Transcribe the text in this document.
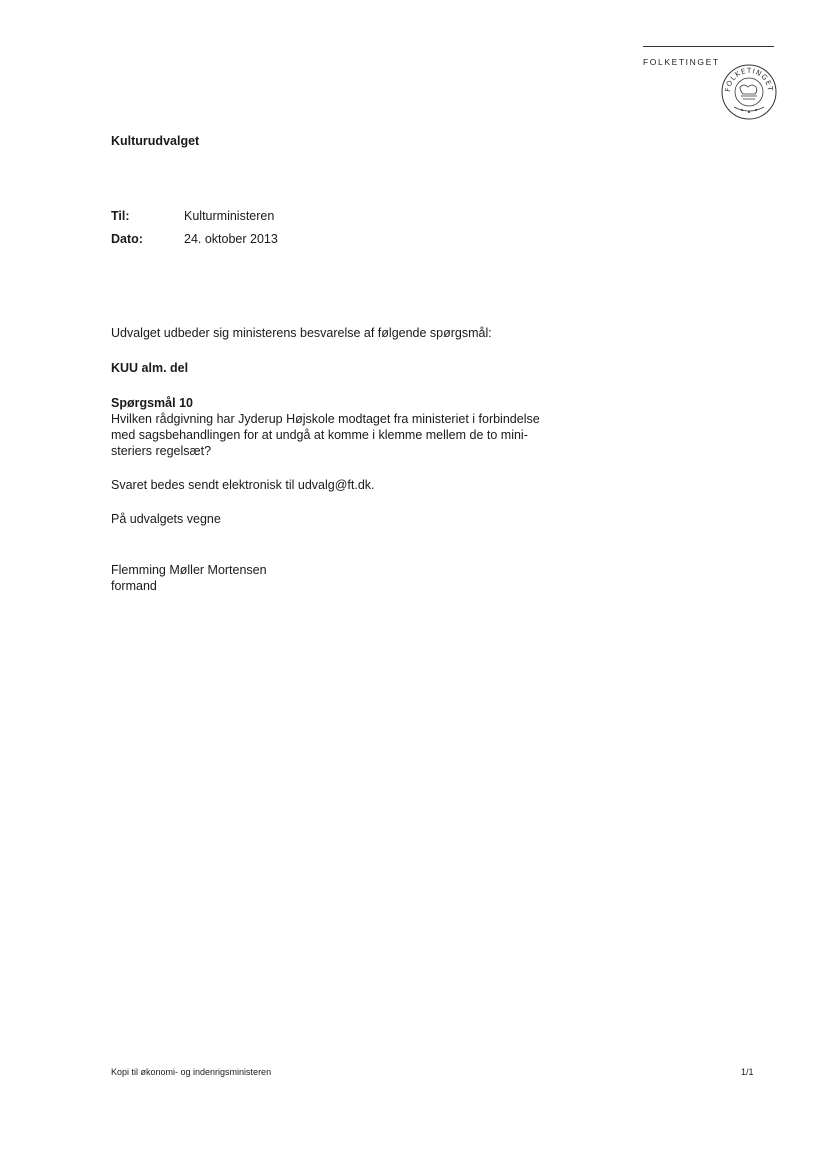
FOLKETINGET
FOLKETINGET
Kulturudvalget
Til:	Kulturministeren
Dato:	24. oktober 2013
Udvalget udbeder sig ministerens besvarelse af følgende spørgsmål:
KUU alm. del
Spørgsmål 10
Hvilken rådgivning har Jyderup Højskole modtaget fra ministeriet i forbindelse
med sagsbehandlingen for at undgå at komme i klemme mellem de to mini-
steriers regelsæt?
Svaret bedes sendt elektronisk til udvalg@ft.dk.
På udvalgets vegne
Flemming Møller Mortensen
formand
Kopi til økonomi- og indenrigsministeren	1/1
